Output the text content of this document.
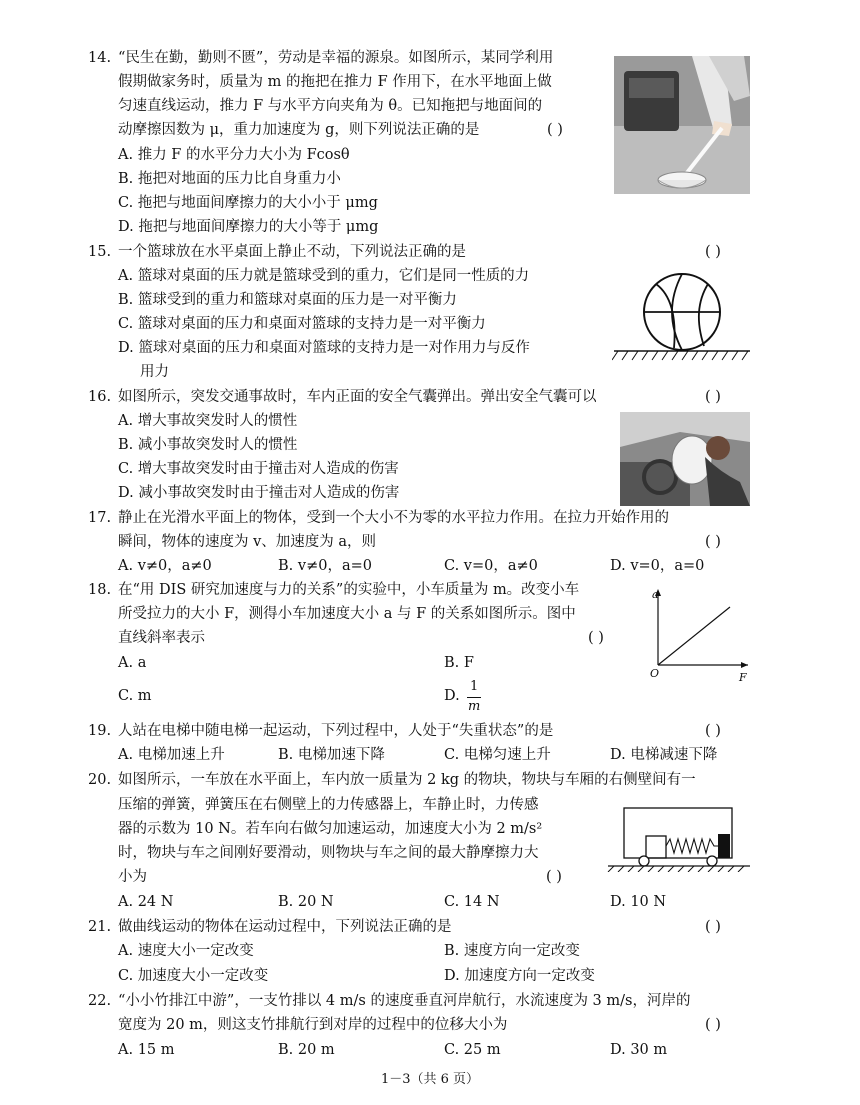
14. “民生在勤，勤则不匮”，劳动是幸福的源泉。如图所示，某同学利用
假期做家务时，质量为 m 的拖把在推力 F 作用下，在水平地面上做
匀速直线运动，推力 F 与水平方向夹角为 θ。已知拖把与地面间的
动摩擦因数为 μ，重力加速度为 g，则下列说法正确的是	( )
A. 推力 F 的水平分力大小为 Fcosθ
B. 拖把对地面的压力比自身重力小
C. 拖把与地面间摩擦力的大小小于 μmg
D. 拖把与地面间摩擦力的大小等于 μmg
15. 一个篮球放在水平桌面上静止不动，下列说法正确的是	( )
A. 篮球对桌面的压力就是篮球受到的重力，它们是同一性质的力
B. 篮球受到的重力和篮球对桌面的压力是一对平衡力
C. 篮球对桌面的压力和桌面对篮球的支持力是一对平衡力
D. 篮球对桌面的压力和桌面对篮球的支持力是一对作用力与反作
用力
16. 如图所示，突发交通事故时，车内正面的安全气囊弹出。弹出安全气囊可以	( )
A. 增大事故突发时人的惯性
B. 减小事故突发时人的惯性
C. 增大事故突发时由于撞击对人造成的伤害
D. 减小事故突发时由于撞击对人造成的伤害
17. 静止在光滑水平面上的物体，受到一个大小不为零的水平拉力作用。在拉力开始作用的
瞬间，物体的速度为 v、加速度为 a，则	( )
A. v≠0，a≠0	B. v≠0，a=0	C. v=0，a≠0	D. v=0，a=0
18. 在“用 DIS 研究加速度与力的关系”的实验中，小车质量为 m。改变小车
所受拉力的大小 F，测得小车加速度大小 a 与 F 的关系如图所示。图中
直线斜率表示	( )
A. a	B. F
C. m	D.
1
m
a
O	F
19. 人站在电梯中随电梯一起运动，下列过程中，人处于“失重状态”的是	( )
A. 电梯加速上升	B. 电梯加速下降	C. 电梯匀速上升	D. 电梯减速下降
20. 如图所示，一车放在水平面上，车内放一质量为 2 kg 的物块，物块与车厢的右侧壁间有一
压缩的弹簧，弹簧压在右侧壁上的力传感器上，车静止时，力传感
器的示数为 10 N。若车向右做匀加速运动，加速度大小为 2 m/s²
时，物块与车之间刚好要滑动，则物块与车之间的最大静摩擦力大
小为	( )
A. 24 N	B. 20 N	C. 14 N	D. 10 N
21. 做曲线运动的物体在运动过程中，下列说法正确的是	( )
A. 速度大小一定改变	B. 速度方向一定改变
C. 加速度大小一定改变	D. 加速度方向一定改变
22. “小小竹排江中游”，一支竹排以 4 m/s 的速度垂直河岸航行，水流速度为 3 m/s，河岸的
宽度为 20 m，则这支竹排航行到对岸的过程中的位移大小为	( )
A. 15 m	B. 20 m	C. 25 m	D. 30 m
1－3（共 6 页）
